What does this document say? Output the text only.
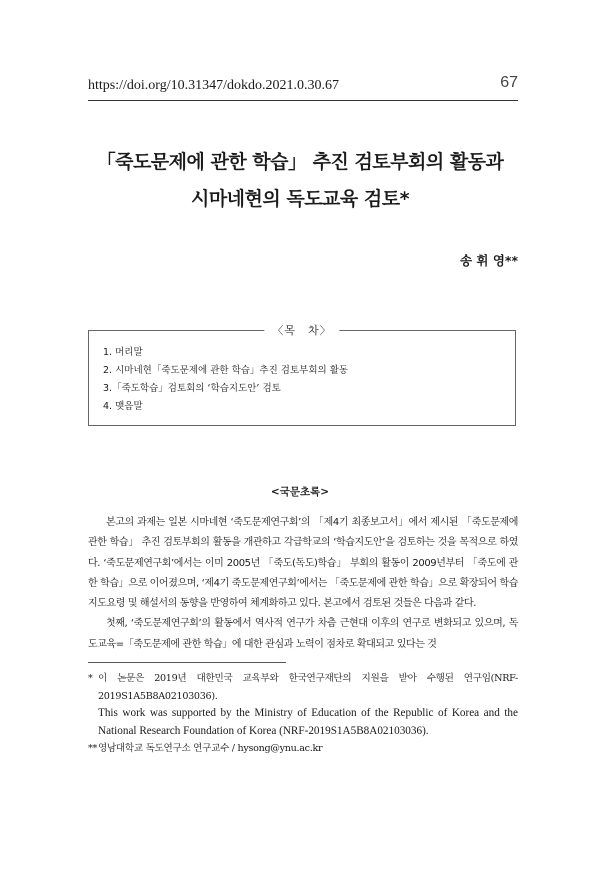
https://doi.org/10.31347/dokdo.2021.0.30.67	67
「죽도문제에 관한 학습」 추진 검토부회의 활동과
시마네현의 독도교육 검토*
송 휘 영**
〈목　차〉
1. 머리말
2. 시마네현「죽도문제에 관한 학습」추진 검토부회의 활동
3.「죽도학습」검토회의 ‘학습지도안’ 검토
4. 맺음말
<국문초록>

본고의 과제는 일본 시마네현 ‘죽도문제연구회’의 「제4기 최종보고서」에서 제시된 「죽도문제에 관한 학습」 추진 검토부회의 활동을 개관하고 각급학교의 ‘학습지도안’을 검토하는 것을 목적으로 하였다. ‘죽도문제연구회’에서는 이미 2005년 「죽도(독도)학습」 부회의 활동이 2009년부터 「죽도에 관한 학습」으로 이어졌으며, ‘제4기 죽도문제연구회’에서는 「죽도문제에 관한 학습」으로 확장되어 학습지도요령 및 해설서의 동향을 반영하여 체계화하고 있다. 본고에서 검토된 것들은 다음과 같다.

첫째, ‘죽도문제연구회’의 활동에서 역사적 연구가 차츰 근현대 이후의 연구로 변화되고 있으며, 독도교육=「죽도문제에 관한 학습」에 대한 관심과 노력이 점차로 확대되고 있다는 것

* 이 논문은 2019년 대한민국 교육부와 한국연구재단의 지원을 받아 수행된 연구임(NRF-2019S1A5B8A02103036).

This work was supported by the Ministry of Education of the Republic of Korea and the National Research Foundation of Korea (NRF-2019S1A5B8A02103036).

**영남대학교 독도연구소 연구교수 / hysong@ynu.ac.kr
